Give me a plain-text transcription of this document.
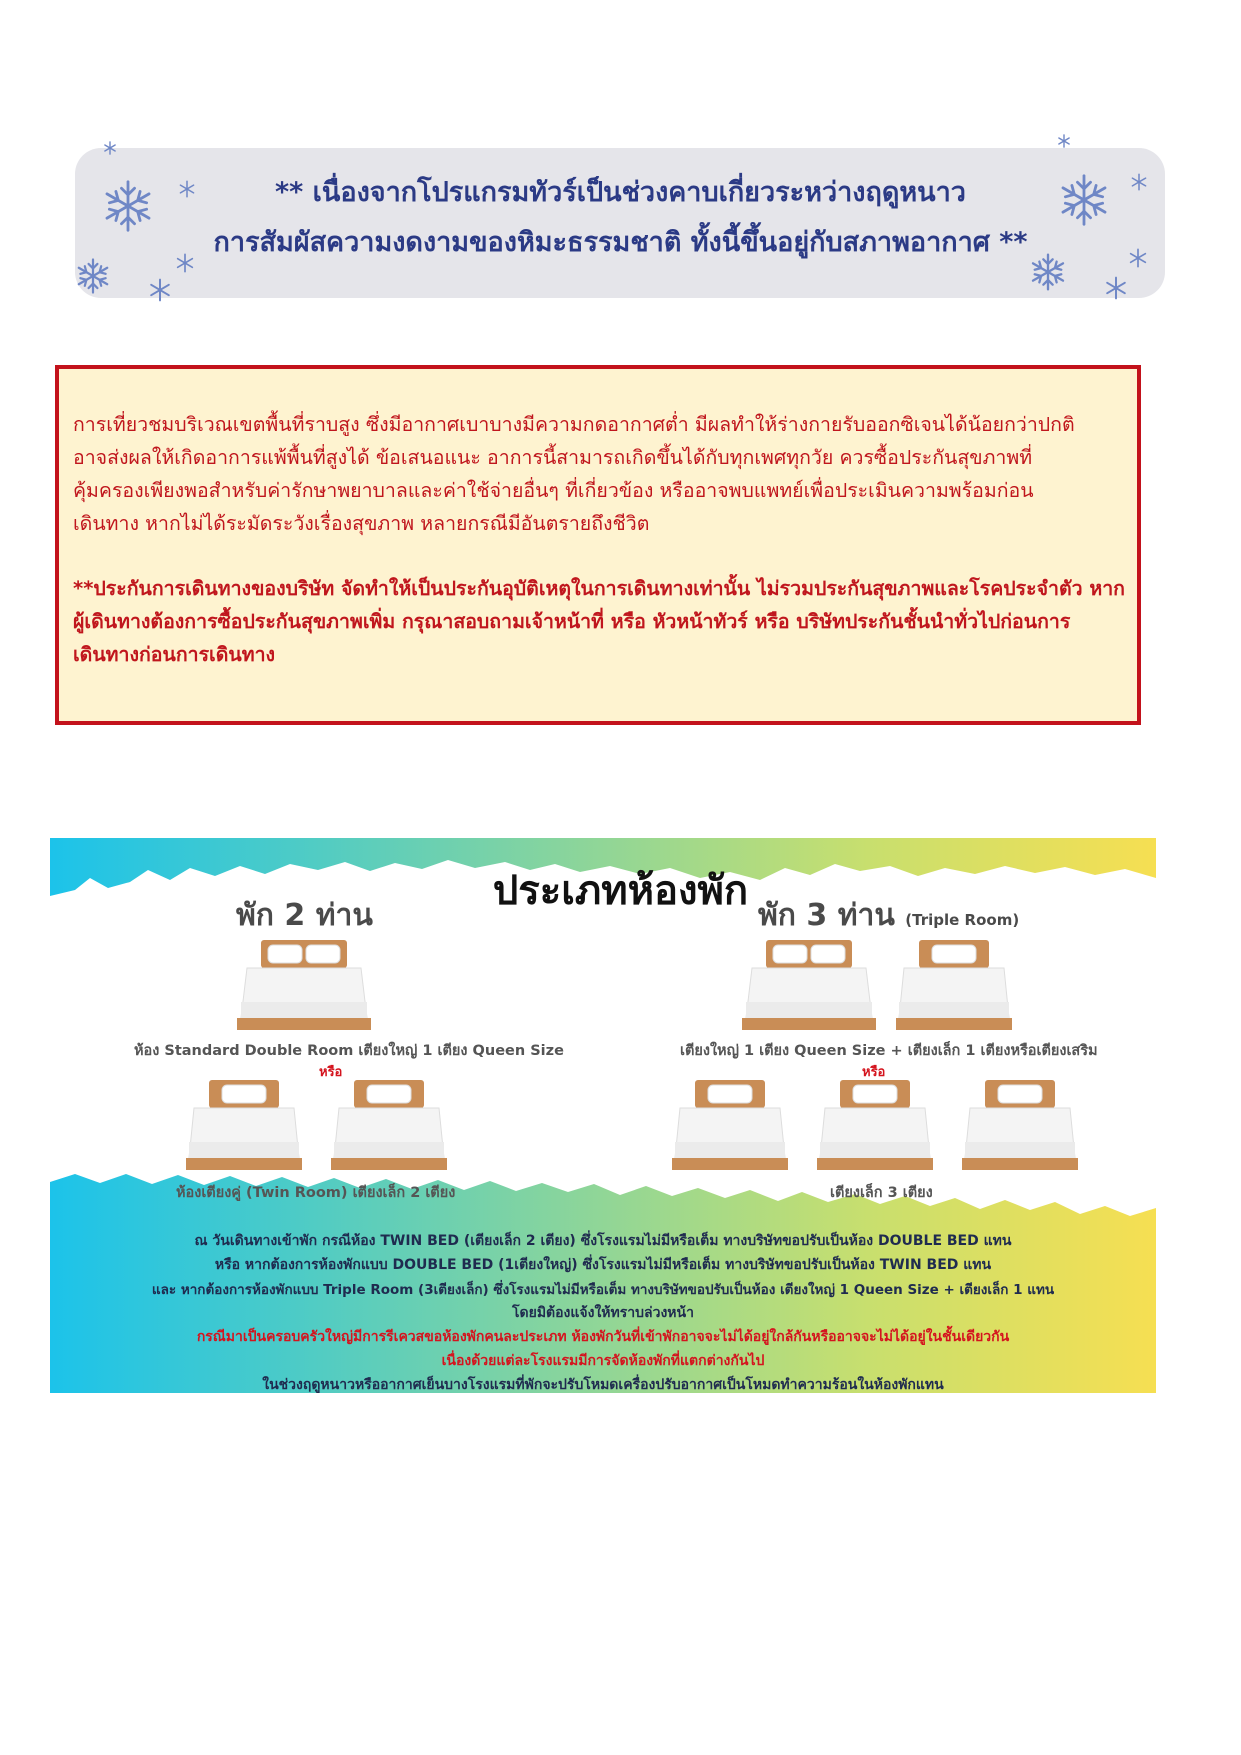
** เนื่องจากโปรแกรมทัวร์เป็นช่วงคาบเกี่ยวระหว่างฤดูหนาว
การสัมผัสความงดงามของหิมะธรรมชาติ ทั้งนี้ขึ้นอยู่กับสภาพอากาศ **
การเที่ยวชมบริเวณเขตพื้นที่ราบสูง ซึ่งมีอากาศเบาบางมีความกดอากาศต่ำ มีผลทำให้ร่างกายรับออกซิเจนได้น้อยกว่าปกติ
อาจส่งผลให้เกิดอาการแพ้พื้นที่สูงได้ ข้อเสนอแนะ อาการนี้สามารถเกิดขึ้นได้กับทุกเพศทุกวัย ควรซื้อประกันสุขภาพที่
คุ้มครองเพียงพอสำหรับค่ารักษาพยาบาลและค่าใช้จ่ายอื่นๆ ที่เกี่ยวข้อง หรืออาจพบแพทย์เพื่อประเมินความพร้อมก่อน
เดินทาง หากไม่ได้ระมัดระวังเรื่องสุขภาพ หลายกรณีมีอันตรายถึงชีวิต
**ประกันการเดินทางของบริษัท จัดทำให้เป็นประกันอุบัติเหตุในการเดินทางเท่านั้น ไม่รวมประกันสุขภาพและโรคประจำตัว หาก
ผู้เดินทางต้องการซื้อประกันสุขภาพเพิ่ม กรุณาสอบถามเจ้าหน้าที่ หรือ หัวหน้าทัวร์ หรือ บริษัทประกันชั้นนำทั่วไปก่อนการ
เดินทางก่อนการเดินทาง
ประเภทห้องพัก
พัก 2 ท่าน	พัก 3 ท่าน (Triple Room)
ห้อง Standard Double Room เตียงใหญ่ 1 เตียง Queen Size
หรือ
ห้องเตียงคู่ (Twin Room) เตียงเล็ก 2 เตียง
เตียงใหญ่ 1 เตียง Queen Size + เตียงเล็ก 1 เตียงหรือเตียงเสริม
หรือ
เตียงเล็ก 3 เตียง
ณ วันเดินทางเข้าพัก กรณีห้อง TWIN BED (เตียงเล็ก 2 เตียง) ซึ่งโรงแรมไม่มีหรือเต็ม ทางบริษัทขอปรับเป็นห้อง DOUBLE BED แทน
หรือ หากต้องการห้องพักแบบ DOUBLE BED (1เตียงใหญ่) ซึ่งโรงแรมไม่มีหรือเต็ม ทางบริษัทขอปรับเป็นห้อง TWIN BED แทน
และ หากต้องการห้องพักแบบ Triple Room (3เตียงเล็ก) ซึ่งโรงแรมไม่มีหรือเต็ม ทางบริษัทขอปรับเป็นห้อง เตียงใหญ่ 1 Queen Size + เตียงเล็ก 1 แทน
โดยมิต้องแจ้งให้ทราบล่วงหน้า
กรณีมาเป็นครอบครัวใหญ่มีการรีเควสขอห้องพักคนละประเภท ห้องพักวันที่เข้าพักอาจจะไม่ได้อยู่ใกล้กันหรืออาจจะไม่ได้อยู่ในชั้นเดียวกัน
เนื่องด้วยแต่ละโรงแรมมีการจัดห้องพักที่แตกต่างกันไป
ในช่วงฤดูหนาวหรืออากาศเย็นบางโรงแรมที่พักจะปรับโหมดเครื่องปรับอากาศเป็นโหมดทำความร้อนในห้องพักแทน
